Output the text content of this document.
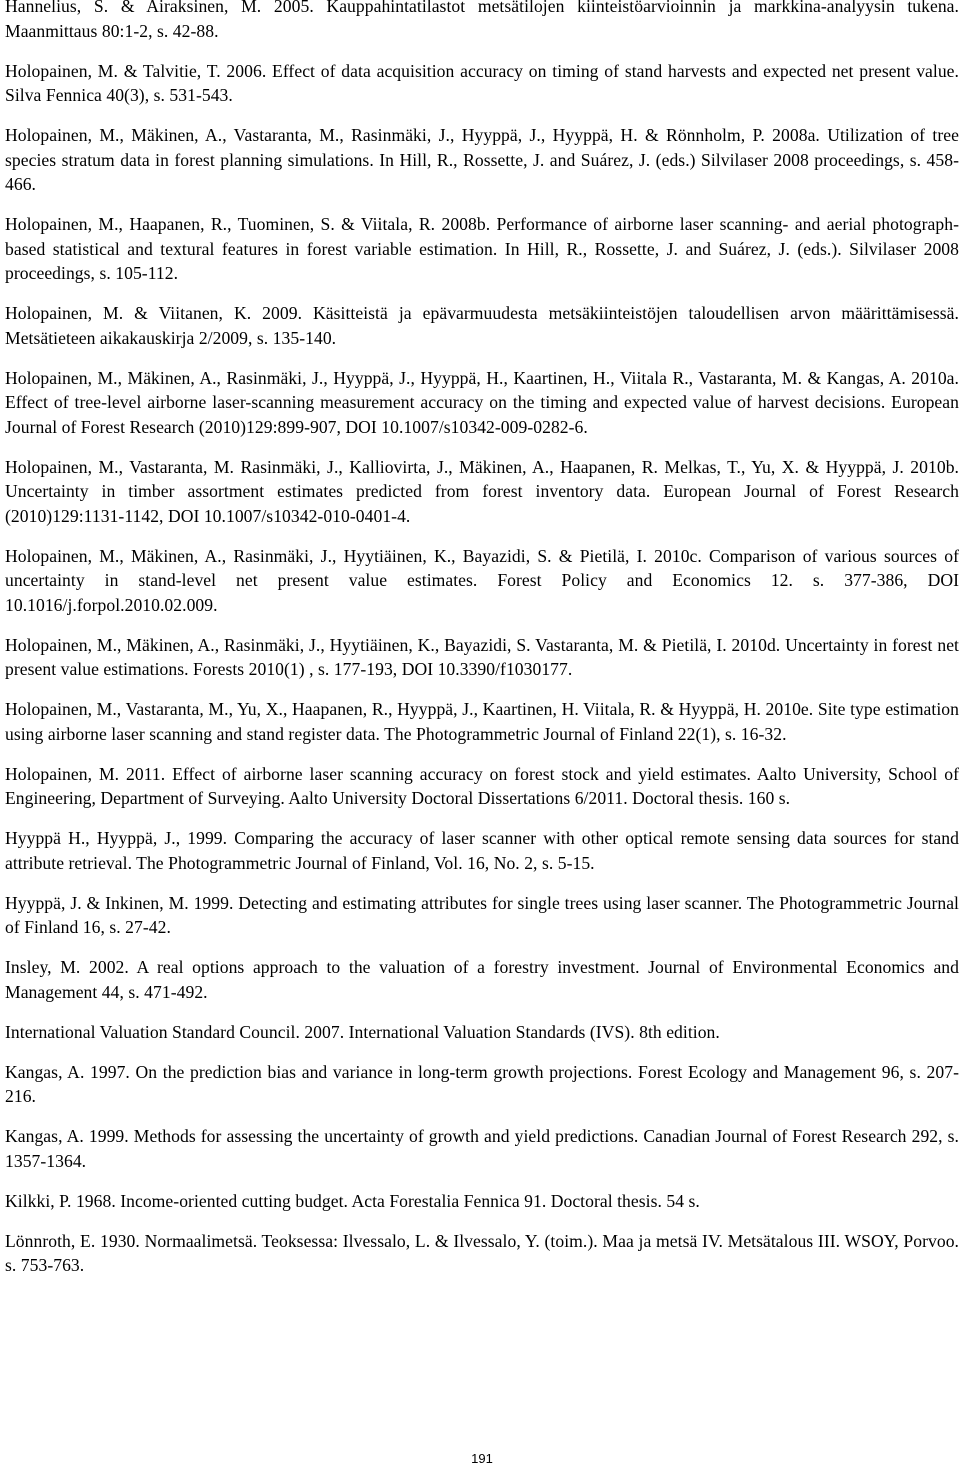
Hannelius, S. & Airaksinen, M. 2005. Kauppahintatilastot metsätilojen kiinteistöarvioinnin ja markkina-analyysin tukena. Maanmittaus 80:1-2, s. 42-88.

Holopainen, M. & Talvitie, T. 2006. Effect of data acquisition accuracy on timing of stand harvests and expected net present value. Silva Fennica 40(3), s. 531-543.

Holopainen, M., Mäkinen, A., Vastaranta, M., Rasinmäki, J., Hyyppä, J., Hyyppä, H. & Rönnholm, P. 2008a. Utilization of tree species stratum data in forest planning simulations. In Hill, R., Rossette, J. and Suárez, J. (eds.) Silvilaser 2008 proceedings, s. 458-466.

Holopainen, M., Haapanen, R., Tuominen, S. & Viitala, R. 2008b. Performance of airborne laser scanning- and aerial photograph-based statistical and textural features in forest variable estimation. In Hill, R., Rossette, J. and Suárez, J. (eds.). Silvilaser 2008 proceedings, s. 105-112.

Holopainen, M. & Viitanen, K. 2009. Käsitteistä ja epävarmuudesta metsäkiinteistöjen taloudellisen arvon määrittämisessä. Metsätieteen aikakauskirja 2/2009, s. 135-140.

Holopainen, M., Mäkinen, A., Rasinmäki, J., Hyyppä, J., Hyyppä, H., Kaartinen, H., Viitala R., Vastaranta, M. & Kangas, A. 2010a. Effect of tree-level airborne laser-scanning measurement accuracy on the timing and expected value of harvest decisions. European Journal of Forest Research (2010)129:899-907, DOI 10.1007/s10342-009-0282-6.

Holopainen, M., Vastaranta, M. Rasinmäki, J., Kalliovirta, J., Mäkinen, A., Haapanen, R. Melkas, T., Yu, X. & Hyyppä, J. 2010b. Uncertainty in timber assortment estimates predicted from forest inventory data. European Journal of Forest Research (2010)129:1131-1142, DOI 10.1007/s10342-010-0401-4.

Holopainen, M., Mäkinen, A., Rasinmäki, J., Hyytiäinen, K., Bayazidi, S. & Pietilä, I. 2010c. Comparison of various sources of uncertainty in stand-level net present value estimates. Forest Policy and Economics 12. s. 377-386, DOI 10.1016/j.forpol.2010.02.009.

Holopainen, M., Mäkinen, A., Rasinmäki, J., Hyytiäinen, K., Bayazidi, S. Vastaranta, M. & Pietilä, I. 2010d. Uncertainty in forest net present value estimations. Forests 2010(1) , s. 177-193, DOI 10.3390/f1030177.

Holopainen, M., Vastaranta, M., Yu, X., Haapanen, R., Hyyppä, J., Kaartinen, H. Viitala, R. & Hyyppä, H. 2010e. Site type estimation using airborne laser scanning and stand register data. The Photogrammetric Journal of Finland 22(1), s. 16-32.

Holopainen, M. 2011. Effect of airborne laser scanning accuracy on forest stock and yield estimates. Aalto University, School of Engineering, Department of Surveying. Aalto University Doctoral Dissertations 6/2011. Doctoral thesis. 160 s.

Hyyppä H., Hyyppä, J., 1999. Comparing the accuracy of laser scanner with other optical remote sensing data sources for stand attribute retrieval. The Photogrammetric Journal of Finland, Vol. 16, No. 2, s. 5-15.

Hyyppä, J. & Inkinen, M. 1999. Detecting and estimating attributes for single trees using laser scanner. The Photogrammetric Journal of Finland 16, s. 27-42.

Insley, M. 2002. A real options approach to the valuation of a forestry investment. Journal of Environmental Economics and Management 44, s. 471-492.

International Valuation Standard Council. 2007. International Valuation Standards (IVS). 8th edition.

Kangas, A. 1997. On the prediction bias and variance in long-term growth projections. Forest Ecology and Management 96, s. 207-216.

Kangas, A. 1999. Methods for assessing the uncertainty of growth and yield predictions. Canadian Journal of Forest Research 292, s. 1357-1364.

Kilkki, P. 1968. Income-oriented cutting budget. Acta Forestalia Fennica 91. Doctoral thesis. 54 s.

Lönnroth, E. 1930. Normaalimetsä. Teoksessa: Ilvessalo, L. & Ilvessalo, Y. (toim.). Maa ja metsä IV. Metsätalous III. WSOY, Porvoo. s. 753-763.

191
